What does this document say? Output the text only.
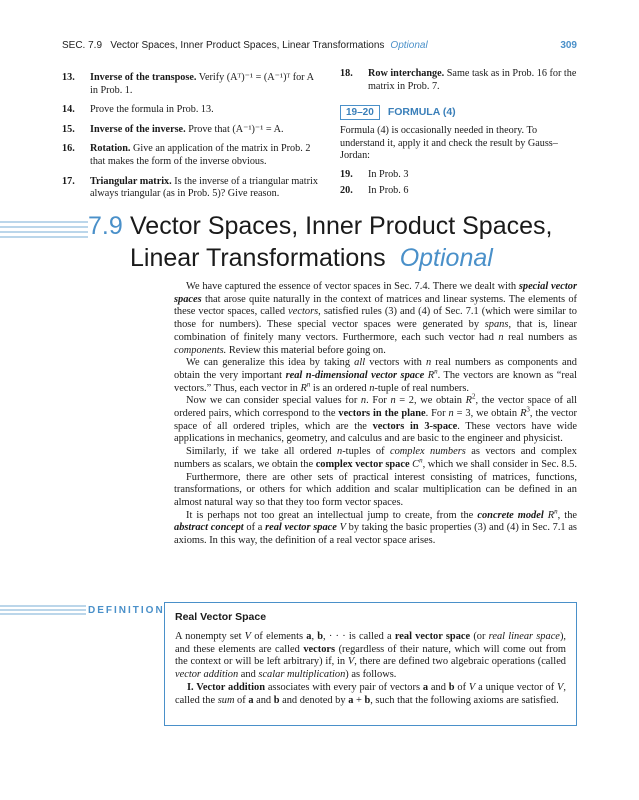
SEC. 7.9 Vector Spaces, Inner Product Spaces, Linear Transformations Optional	309
13. Inverse of the transpose. Verify (Aᵀ)⁻¹ = (A⁻¹)ᵀ for A in Prob. 1.
14. Prove the formula in Prob. 13.
15. Inverse of the inverse. Prove that (A⁻¹)⁻¹ = A.
16. Rotation. Give an application of the matrix in Prob. 2 that makes the form of the inverse obvious.
17. Triangular matrix. Is the inverse of a triangular matrix always triangular (as in Prob. 5)? Give reason.
18. Row interchange. Same task as in Prob. 16 for the matrix in Prob. 7.
19–20 FORMULA (4)
Formula (4) is occasionally needed in theory. To understand it, apply it and check the result by Gauss–Jordan:
19. In Prob. 3
20. In Prob. 6
7.9 Vector Spaces, Inner Product Spaces,
Linear Transformations Optional

We have captured the essence of vector spaces in Sec. 7.4. There we dealt with special vector spaces that arose quite naturally in the context of matrices and linear systems. The elements of these vector spaces, called vectors, satisfied rules (3) and (4) of Sec. 7.1 (which were similar to those for numbers). These special vector spaces were generated by spans, that is, linear combination of finitely many vectors. Furthermore, each such vector had n real numbers as components. Review this material before going on.

We can generalize this idea by taking all vectors with n real numbers as components and obtain the very important real n-dimensional vector space $R^n$. The vectors are known as “real vectors.” Thus, each vector in $R^n$ is an ordered n-tuple of real numbers.

Now we can consider special values for n. For n = 2, we obtain $R^2$, the vector space of all ordered pairs, which correspond to the vectors in the plane. For n = 3, we obtain $R^3$, the vector space of all ordered triples, which are the vectors in 3-space. These vectors have wide applications in mechanics, geometry, and calculus and are basic to the engineer and physicist.

Similarly, if we take all ordered n-tuples of complex numbers as vectors and complex numbers as scalars, we obtain the complex vector space $C^n$, which we shall consider in Sec. 8.5.

Furthermore, there are other sets of practical interest consisting of matrices, functions, transformations, or others for which addition and scalar multiplication can be defined in an almost natural way so that they too form vector spaces.

It is perhaps not too great an intellectual jump to create, from the concrete model $R^n$, the abstract concept of a real vector space V by taking the basic properties (3) and (4) in Sec. 7.1 as axioms. In this way, the definition of a real vector space arises.

DEFINITION
Real Vector Space

A nonempty set V of elements a, b, · · · is called a real vector space (or real linear space), and these elements are called vectors (regardless of their nature, which will come out from the context or will be left arbitrary) if, in V, there are defined two algebraic operations (called vector addition and scalar multiplication) as follows.

I. Vector addition associates with every pair of vectors a and b of V a unique vector of V, called the sum of a and b and denoted by a + b, such that the following axioms are satisfied.
